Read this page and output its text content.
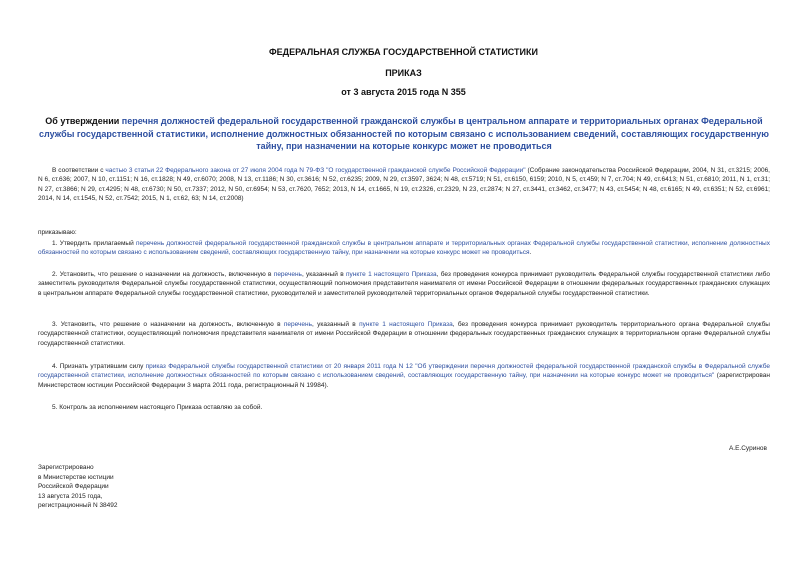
ФЕДЕРАЛЬНАЯ СЛУЖБА ГОСУДАРСТВЕННОЙ СТАТИСТИКИ
ПРИКАЗ
от 3 августа 2015 года N 355
Об утверждении перечня должностей федеральной государственной гражданской службы в центральном аппарате и территориальных органах Федеральной службы государственной статистики, исполнение должностных обязанностей по которым связано с использованием сведений, составляющих государственную тайну, при назначении на которые конкурс может не проводиться
В соответствии с частью 3 статьи 22 Федерального закона от 27 июля 2004 года N 79-ФЗ "О государственной гражданской службе Российской Федерации" (Собрание законодательства Российской Федерации, 2004, N 31, ст.3215; 2006, N 6, ст.636; 2007, N 10, ст.1151; N 16, ст.1828; N 49, ст.6070; 2008, N 13, ст.1186; N 30, ст.3616; N 52, ст.6235; 2009, N 29, ст.3597, 3624; N 48, ст.5719; N 51, ст.6150, 6159; 2010, N 5, ст.459; N 7, ст.704; N 49, ст.6413; N 51, ст.6810; 2011, N 1, ст.31; N 27, ст.3866; N 29, ст.4295; N 48, ст.6730; N 50, ст.7337; 2012, N 50, ст.6954; N 53, ст.7620, 7652; 2013, N 14, ст.1665, N 19, ст.2326, ст.2329, N 23, ст.2874; N 27, ст.3441, ст.3462, ст.3477; N 43, ст.5454; N 48, ст.6165; N 49, ст.6351; N 52, ст.6961; 2014, N 14, ст.1545, N 52, ст.7542; 2015, N 1, ст.62, 63; N 14, ст.2008)
приказываю:
1. Утвердить прилагаемый перечень должностей федеральной государственной гражданской службы в центральном аппарате и территориальных органах Федеральной службы государственной статистики, исполнение должностных обязанностей по которым связано с использованием сведений, составляющих государственную тайну, при назначении на которые конкурс может не проводиться.
2. Установить, что решение о назначении на должность, включенную в перечень, указанный в пункте 1 настоящего Приказа, без проведения конкурса принимает руководитель Федеральной службы государственной статистики либо заместитель руководителя Федеральной службы государственной статистики, осуществляющий полномочия представителя нанимателя от имени Российской Федерации в отношении федеральных государственных гражданских служащих в центральном аппарате Федеральной службы государственной статистики, руководителей и заместителей руководителей территориальных органов Федеральной службы государственной статистики.
3. Установить, что решение о назначении на должность, включенную в перечень, указанный в пункте 1 настоящего Приказа, без проведения конкурса принимает руководитель территориального органа Федеральной службы государственной статистики, осуществляющий полномочия представителя нанимателя от имени Российской Федерации в отношении федеральных государственных гражданских служащих в территориальном органе Федеральной службы государственной статистики.
4. Признать утратившим силу приказ Федеральной службы государственной статистики от 20 января 2011 года N 12 "Об утверждении перечня должностей федеральной государственной гражданской службы в Федеральной службе государственной статистики, исполнение должностных обязанностей по которым связано с использованием сведений, составляющих государственную тайну, при назначении на которые конкурс может не проводиться" (зарегистрирован Министерством юстиции Российской Федерации 3 марта 2011 года, регистрационный N 19984).
5. Контроль за исполнением настоящего Приказа оставляю за собой.
А.Е.Суринов
Зарегистрировано
в Министерстве юстиции
Российской Федерации
13 августа 2015 года,
регистрационный N 38492
